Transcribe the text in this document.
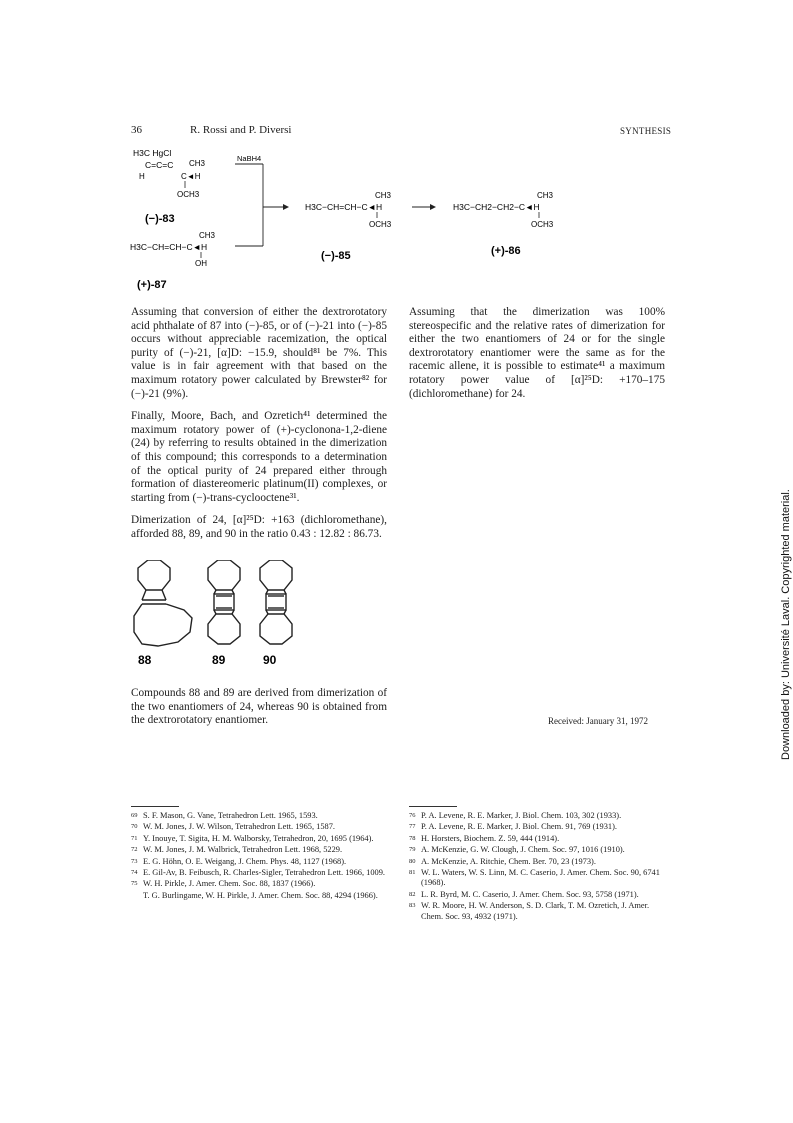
36	R. Rossi and P. Diversi	SYNTHESIS
H3C HgCl
C=C=C CH3
H	C◄H
OCH3
(−)-83
NaBH4
CH3
H3C−CH=CH−C◄H
OH
(+)-87
CH3
H3C−CH=CH−C◄H
OCH3
(−)-85
CH3
H3C−CH2−CH2−C◄H
OCH3
(+)-86

Assuming that conversion of either the dextrorotatory acid phthalate of 87 into (−)-85, or of (−)-21 into (−)-85 occurs without appreciable racemization, the optical purity of (−)-21, [α]D: −15.9, should⁸¹ be 7%. This value is in fair agreement with that based on the maximum rotatory power calculated by Brewster⁸² for (−)-21 (9%).

Finally, Moore, Bach, and Ozretich⁴¹ determined the maximum rotatory power of (+)-cyclonona-1,2-diene (24) by referring to results obtained in the dimerization of this compound; this corresponds to a determination of the optical purity of 24 prepared either through formation of diastereomeric platinum(II) complexes, or starting from (−)-trans-cyclooctene³¹.

Dimerization of 24, [α]²⁵D: +163 (dichloromethane), afforded 88, 89, and 90 in the ratio 0.43 : 12.82 : 86.73.

88	89	90
Compounds 88 and 89 are derived from dimerization of the two enantiomers of 24, whereas 90 is obtained from the dextrorotatory enantiomer.
Assuming that the dimerization was 100% stereospecific and the relative rates of dimerization for either the two enantiomers of 24 or for the single dextrorotatory enantiomer were the same as for the racemic allene, it is possible to estimate⁴¹ a maximum rotatory power value of [α]²⁵D: +170–175 (dichloromethane) for 24.
Received: January 31, 1972
69 S. F. Mason, G. Vane, Tetrahedron Lett. 1965, 1593.
70 W. M. Jones, J. W. Wilson, Tetrahedron Lett. 1965, 1587.
71 Y. Inouye, T. Sigita, H. M. Walborsky, Tetrahedron, 20, 1695 (1964).
72 W. M. Jones, J. M. Walbrick, Tetrahedron Lett. 1968, 5229.
73 E. G. Höhn, O. E. Weigang, J. Chem. Phys. 48, 1127 (1968).
74 E. Gil-Av, B. Feibusch, R. Charles-Sigler, Tetrahedron Lett. 1966, 1009.
75 W. H. Pirkle, J. Amer. Chem. Soc. 88, 1837 (1966).
T. G. Burlingame, W. H. Pirkle, J. Amer. Chem. Soc. 88, 4294 (1966).
76 P. A. Levene, R. E. Marker, J. Biol. Chem. 103, 302 (1933).
77 P. A. Levene, R. E. Marker, J. Biol. Chem. 91, 769 (1931).
78 H. Horsters, Biochem. Z. 59, 444 (1914).
79 A. McKenzie, G. W. Clough, J. Chem. Soc. 97, 1016 (1910).
80 A. McKenzie, A. Ritchie, Chem. Ber. 70, 23 (1973).
81 W. L. Waters, W. S. Linn, M. C. Caserio, J. Amer. Chem. Soc. 90, 6741 (1968).
82 L. R. Byrd, M. C. Caserio, J. Amer. Chem. Soc. 93, 5758 (1971).
83 W. R. Moore, H. W. Anderson, S. D. Clark, T. M. Ozretich, J. Amer. Chem. Soc. 93, 4932 (1971).
Downloaded by: Université Laval. Copyrighted material.
